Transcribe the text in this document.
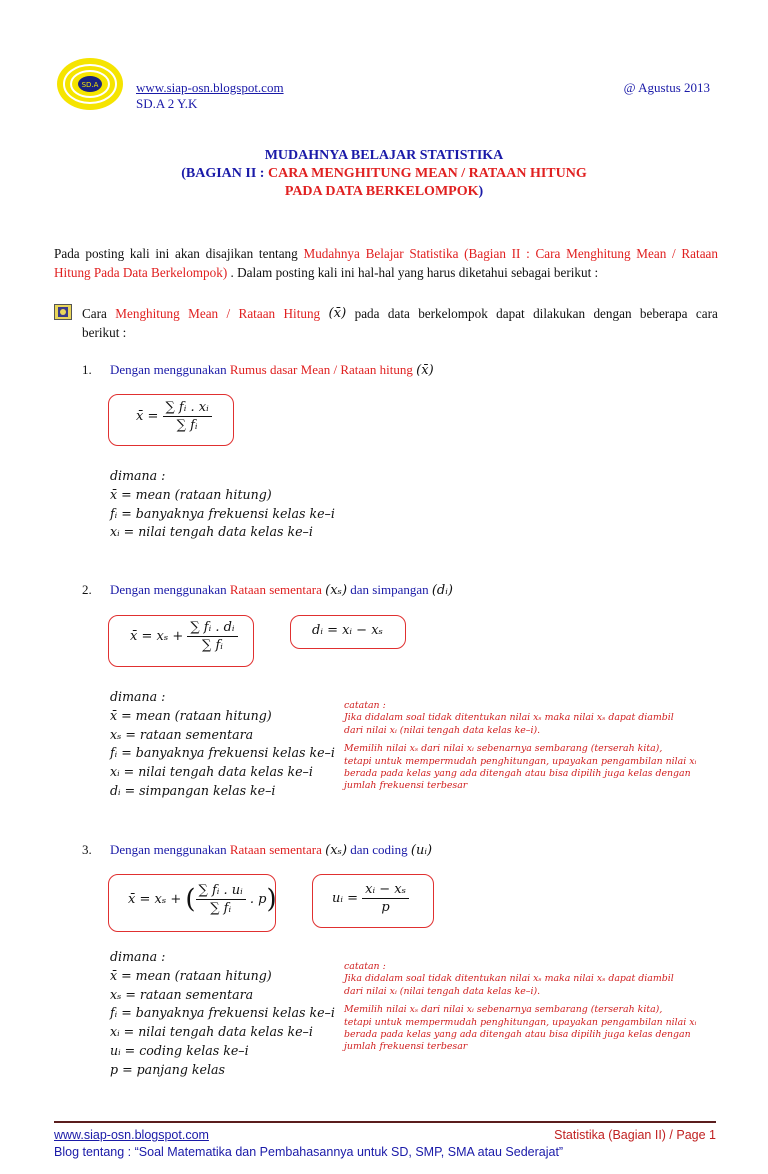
SD.A	www.siap-osn.blogspot.com
SD.A 2 Y.K
@ Agustus 2013
MUDAHNYA BELAJAR STATISTIKA
(BAGIAN II : CARA MENGHITUNG MEAN / RATAAN HITUNG
PADA DATA BERKELOMPOK)
Pada posting kali ini akan disajikan tentang Mudahnya Belajar Statistika (Bagian II : Cara Menghitung Mean / Rataan
Hitung Pada Data Berkelompok) . Dalam posting kali ini hal-hal yang harus diketahui sebagai berikut :
Cara Menghitung Mean / Rataan Hitung (x̄) pada data berkelompok dapat dilakukan dengan beberapa cara
berikut :
1. Dengan menggunakan Rumus dasar Mean / Rataan hitung (x̄)
x̄ = $\frac{\text{∑ fᵢ . xᵢ}}{\text{∑ fᵢ}}$
dimana :
x̄ = mean (rataan hitung)
fᵢ = banyaknya frekuensi kelas ke–i
xᵢ = nilai tengah data kelas ke–i
2. Dengan menggunakan Rataan sementara (xₛ) dan simpangan (dᵢ)
x̄ = $x_s + \frac{\text{∑ fᵢ . dᵢ}}{\text{∑ fᵢ}}$	dᵢ = xᵢ − xₛ
dimana :
x̄ = mean (rataan hitung)
xₛ = rataan sementara
fᵢ = banyaknya frekuensi kelas ke–i
xᵢ = nilai tengah data kelas ke–i
dᵢ = simpangan kelas ke–i
catatan :
Jika didalam soal tidak ditentukan nilai xₛ maka nilai xₛ dapat diambil
dari nilai xᵢ (nilai tengah data kelas ke–i).
Memilih nilai xₛ dari nilai xᵢ sebenarnya sembarang (terserah kita),
tetapi untuk mempermudah penghitungan, upayakan pengambilan nilai xᵢ
berada pada kelas yang ada ditengah atau bisa dipilih juga kelas dengan
jumlah frekuensi terbesar
3. Dengan menggunakan Rataan sementara (xₛ) dan coding (uᵢ)
x̄ = xₛ + ( $\frac{\text{∑ fᵢ . uᵢ}}{\text{∑ fᵢ}}$ . p)	uᵢ = $\frac{\text{xᵢ − xₛ}}{p}$
dimana :
x̄ = mean (rataan hitung)
xₛ = rataan sementara
fᵢ = banyaknya frekuensi kelas ke–i
xᵢ = nilai tengah data kelas ke–i
uᵢ = coding kelas ke–i
p = panjang kelas
catatan :
Jika didalam soal tidak ditentukan nilai xₛ maka nilai xₛ dapat diambil
dari nilai xᵢ (nilai tengah data kelas ke–i).
Memilih nilai xₛ dari nilai xᵢ sebenarnya sembarang (terserah kita),
tetapi untuk mempermudah penghitungan, upayakan pengambilan nilai xᵢ
berada pada kelas yang ada ditengah atau bisa dipilih juga kelas dengan
jumlah frekuensi terbesar
www.siap-osn.blogspot.com	Statistika (Bagian II) / Page 1
Blog tentang : “Soal Matematika dan Pembahasannya untuk SD, SMP, SMA atau Sederajat”
